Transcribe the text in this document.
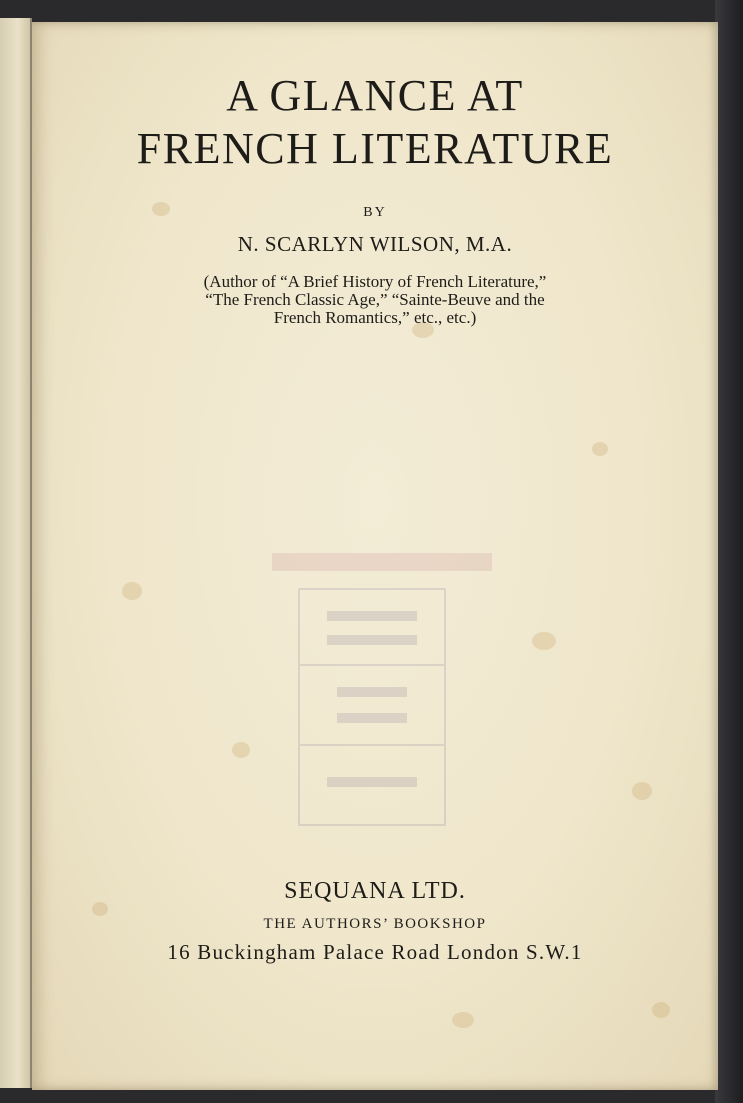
A GLANCE AT
FRENCH LITERATURE

BY

N. SCARLYN WILSON, M.A.

(Author of “A Brief History of French Literature,”

“The French Classic Age,” “Sainte-Beuve and the

French Romantics,” etc., etc.)

SEQUANA LTD.

THE AUTHORS’ BOOKSHOP

16 Buckingham Palace Road London S.W.1
